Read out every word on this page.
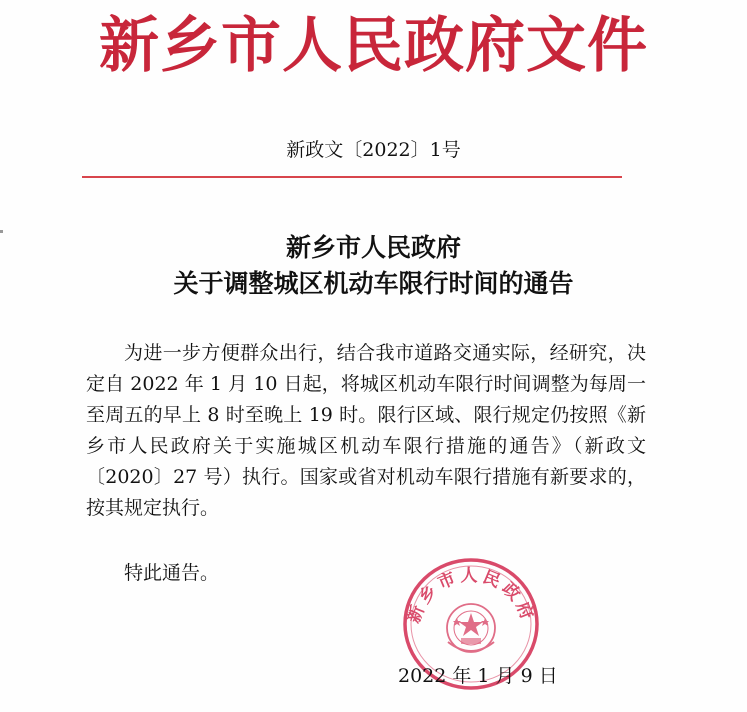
新乡市人民政府文件
新政文〔2022〕1号
新乡市人民政府
关于调整城区机动车限行时间的通告

为进一步方便群众出行，结合我市道路交通实际，经研究，决定自 2022 年 1 月 10 日起，将城区机动车限行时间调整为每周一至周五的早上 8 时至晚上 19 时。限行区域、限行规定仍按照《新乡市人民政府关于实施城区机动车限行措施的通告》（新政文〔2020〕27 号）执行。国家或省对机动车限行措施有新要求的，按其规定执行。

特此通告。
新乡市人民政府
2022 年 1 月 9 日
